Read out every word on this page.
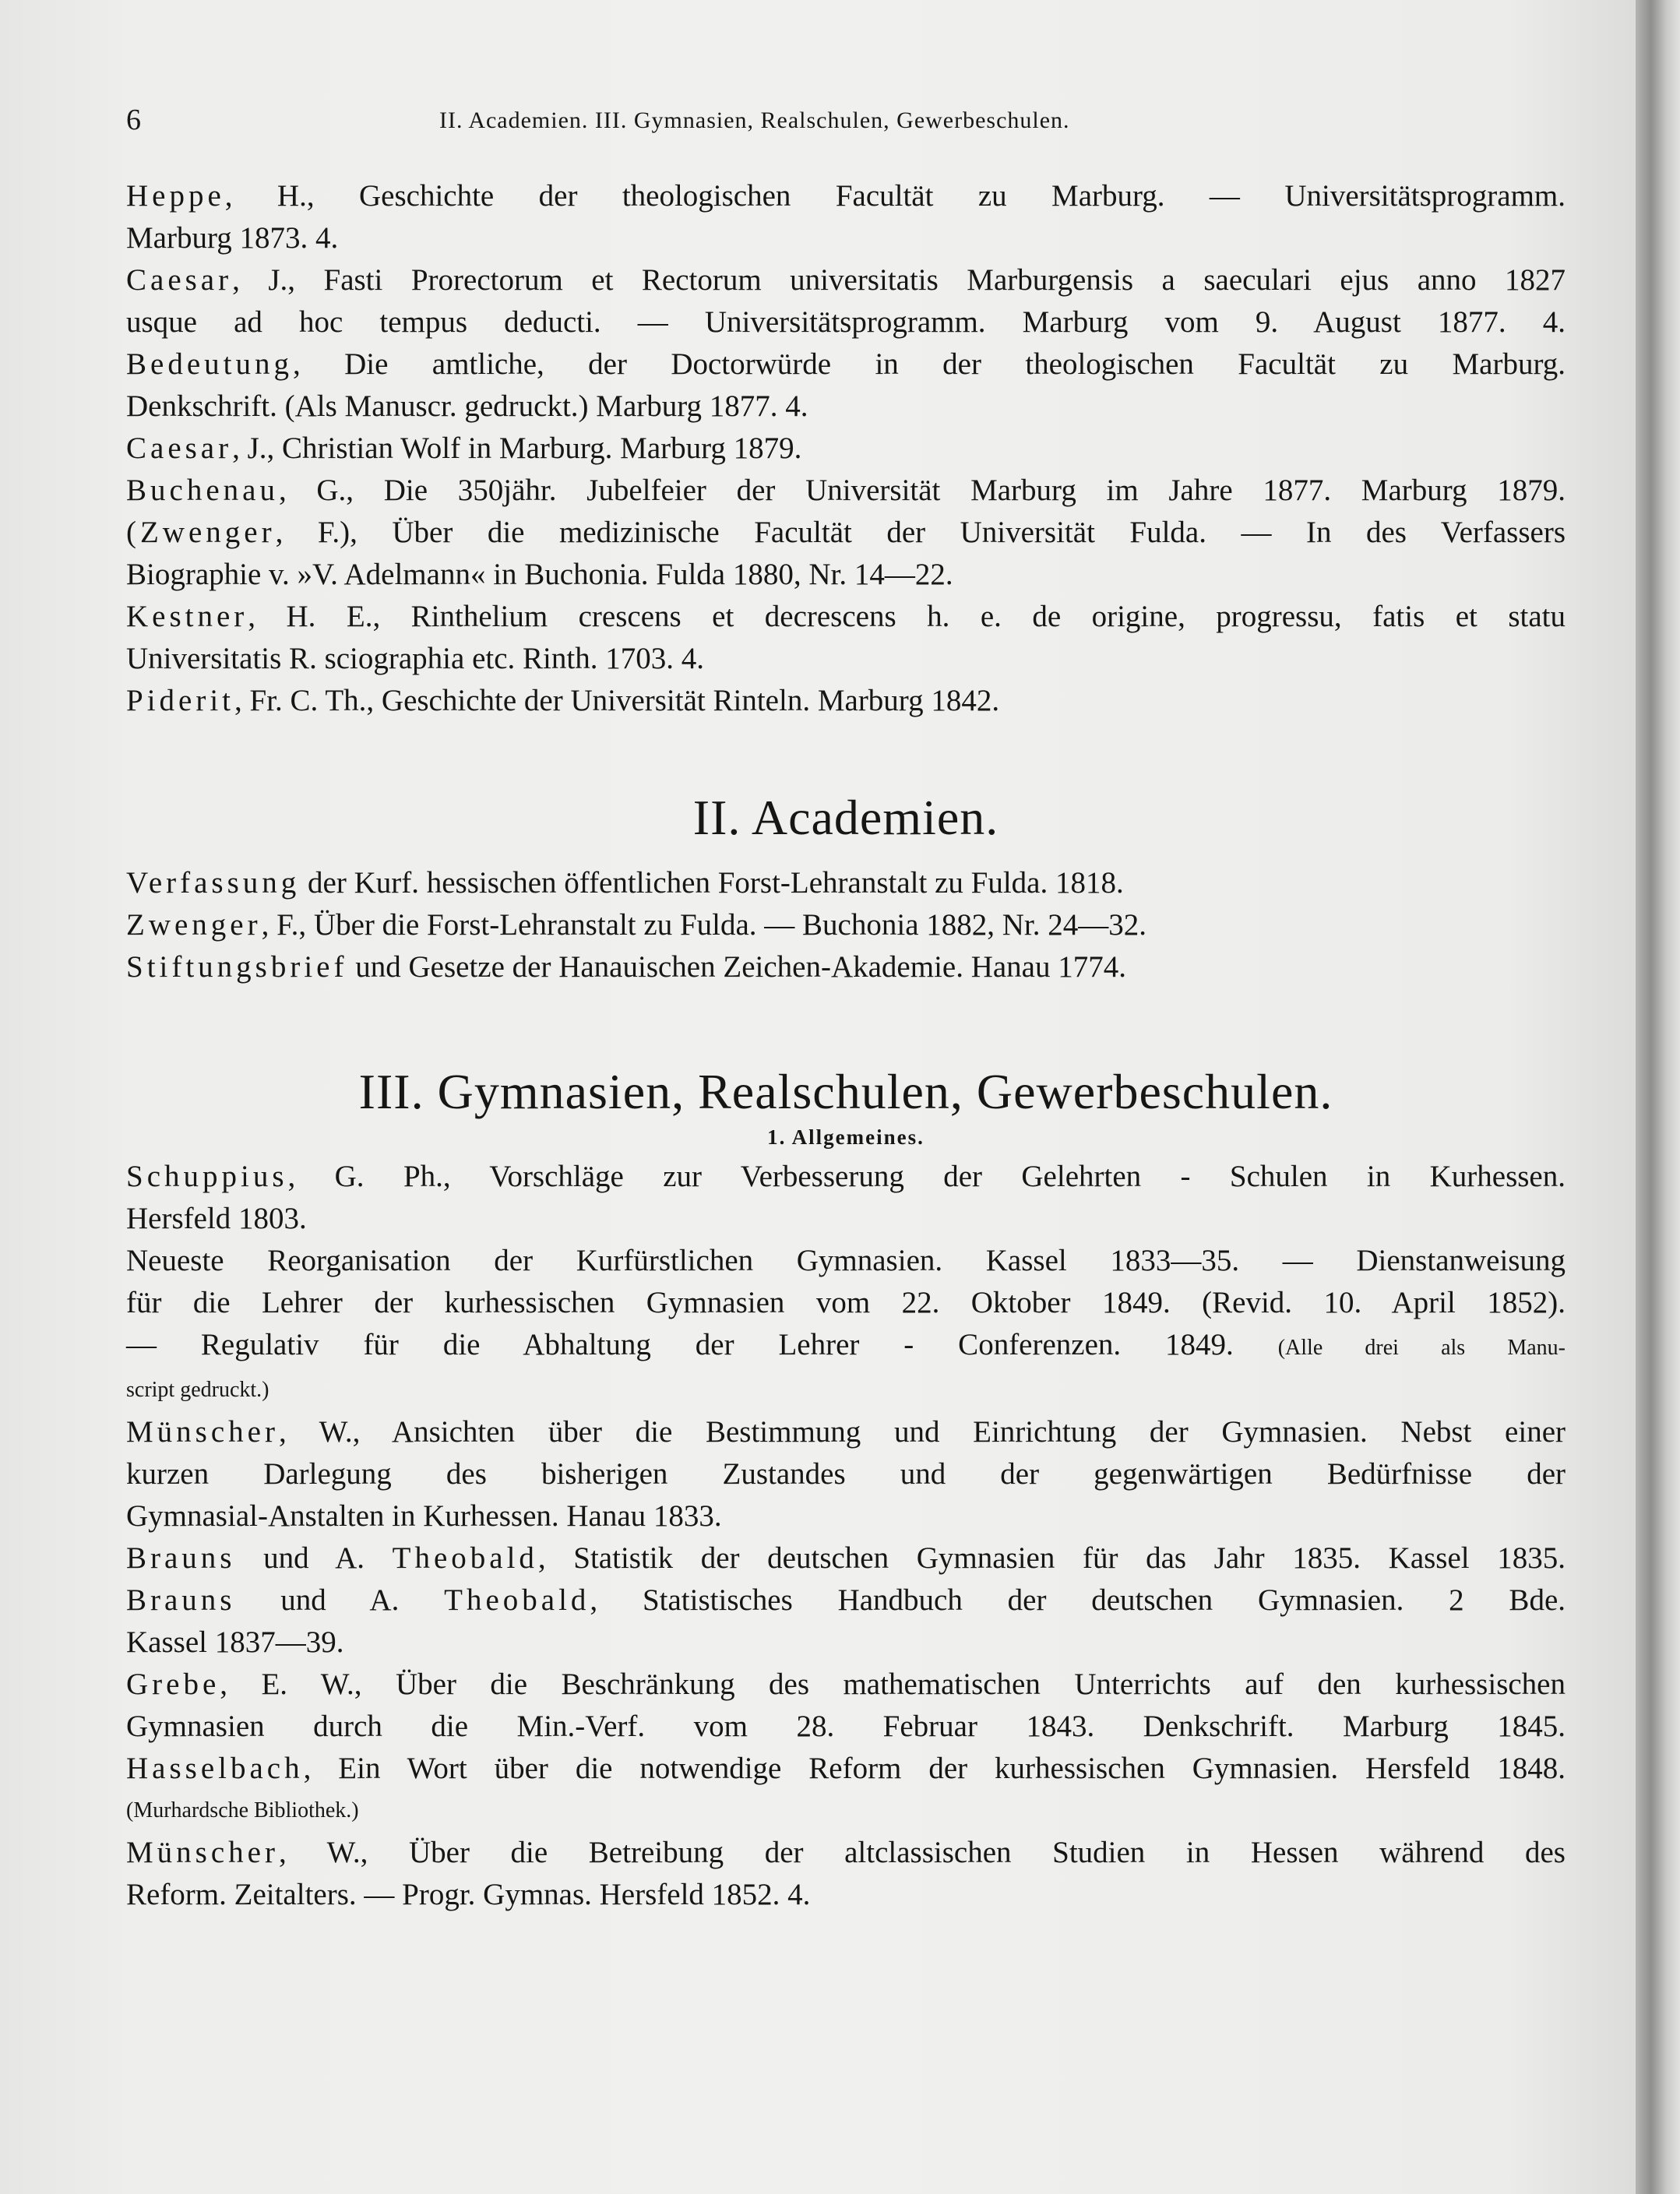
6	II. Academien. III. Gymnasien, Realschulen, Gewerbeschulen.
Heppe, H., Geschichte der theologischen Facultät zu Marburg. — Universitätsprogramm.
Marburg 1873. 4.
Caesar, J., Fasti Prorectorum et Rectorum universitatis Marburgensis a saeculari ejus anno 1827
usque ad hoc tempus deducti. — Universitätsprogramm. Marburg vom 9. August 1877. 4.
Bedeutung, Die amtliche, der Doctorwürde in der theologischen Facultät zu Marburg.
Denkschrift. (Als Manuscr. gedruckt.) Marburg 1877. 4.
Caesar, J., Christian Wolf in Marburg. Marburg 1879.
Buchenau, G., Die 350jähr. Jubelfeier der Universität Marburg im Jahre 1877. Marburg 1879.
(Zwenger, F.), Über die medizinische Facultät der Universität Fulda. — In des Verfassers
Biographie v. »V. Adelmann« in Buchonia. Fulda 1880, Nr. 14—22.
Kestner, H. E., Rinthelium crescens et decrescens h. e. de origine, progressu, fatis et statu
Universitatis R. sciographia etc. Rinth. 1703. 4.
Piderit, Fr. C. Th., Geschichte der Universität Rinteln. Marburg 1842.
II. Academien.
Verfassung der Kurf. hessischen öffentlichen Forst-Lehranstalt zu Fulda. 1818.
Zwenger, F., Über die Forst-Lehranstalt zu Fulda. — Buchonia 1882, Nr. 24—32.
Stiftungsbrief und Gesetze der Hanauischen Zeichen-Akademie. Hanau 1774.
III. Gymnasien, Realschulen, Gewerbeschulen.
1. Allgemeines.
Schuppius, G. Ph., Vorschläge zur Verbesserung der Gelehrten - Schulen in Kurhessen.
Hersfeld 1803.
Neueste Reorganisation der Kurfürstlichen Gymnasien. Kassel 1833—35. — Dienstanweisung
für die Lehrer der kurhessischen Gymnasien vom 22. Oktober 1849. (Revid. 10. April 1852).
— Regulativ für die Abhaltung der Lehrer - Conferenzen. 1849. (Alle drei als Manu-
script gedruckt.)
Münscher, W., Ansichten über die Bestimmung und Einrichtung der Gymnasien. Nebst einer
kurzen Darlegung des bisherigen Zustandes und der gegenwärtigen Bedürfnisse der
Gymnasial-Anstalten in Kurhessen. Hanau 1833.
Brauns und A. Theobald, Statistik der deutschen Gymnasien für das Jahr 1835. Kassel 1835.
Brauns und A. Theobald, Statistisches Handbuch der deutschen Gymnasien. 2 Bde.
Kassel 1837—39.
Grebe, E. W., Über die Beschränkung des mathematischen Unterrichts auf den kurhessischen
Gymnasien durch die Min.-Verf. vom 28. Februar 1843. Denkschrift. Marburg 1845.
Hasselbach, Ein Wort über die notwendige Reform der kurhessischen Gymnasien. Hersfeld 1848.
(Murhardsche Bibliothek.)
Münscher, W., Über die Betreibung der altclassischen Studien in Hessen während des
Reform. Zeitalters. — Progr. Gymnas. Hersfeld 1852. 4.
